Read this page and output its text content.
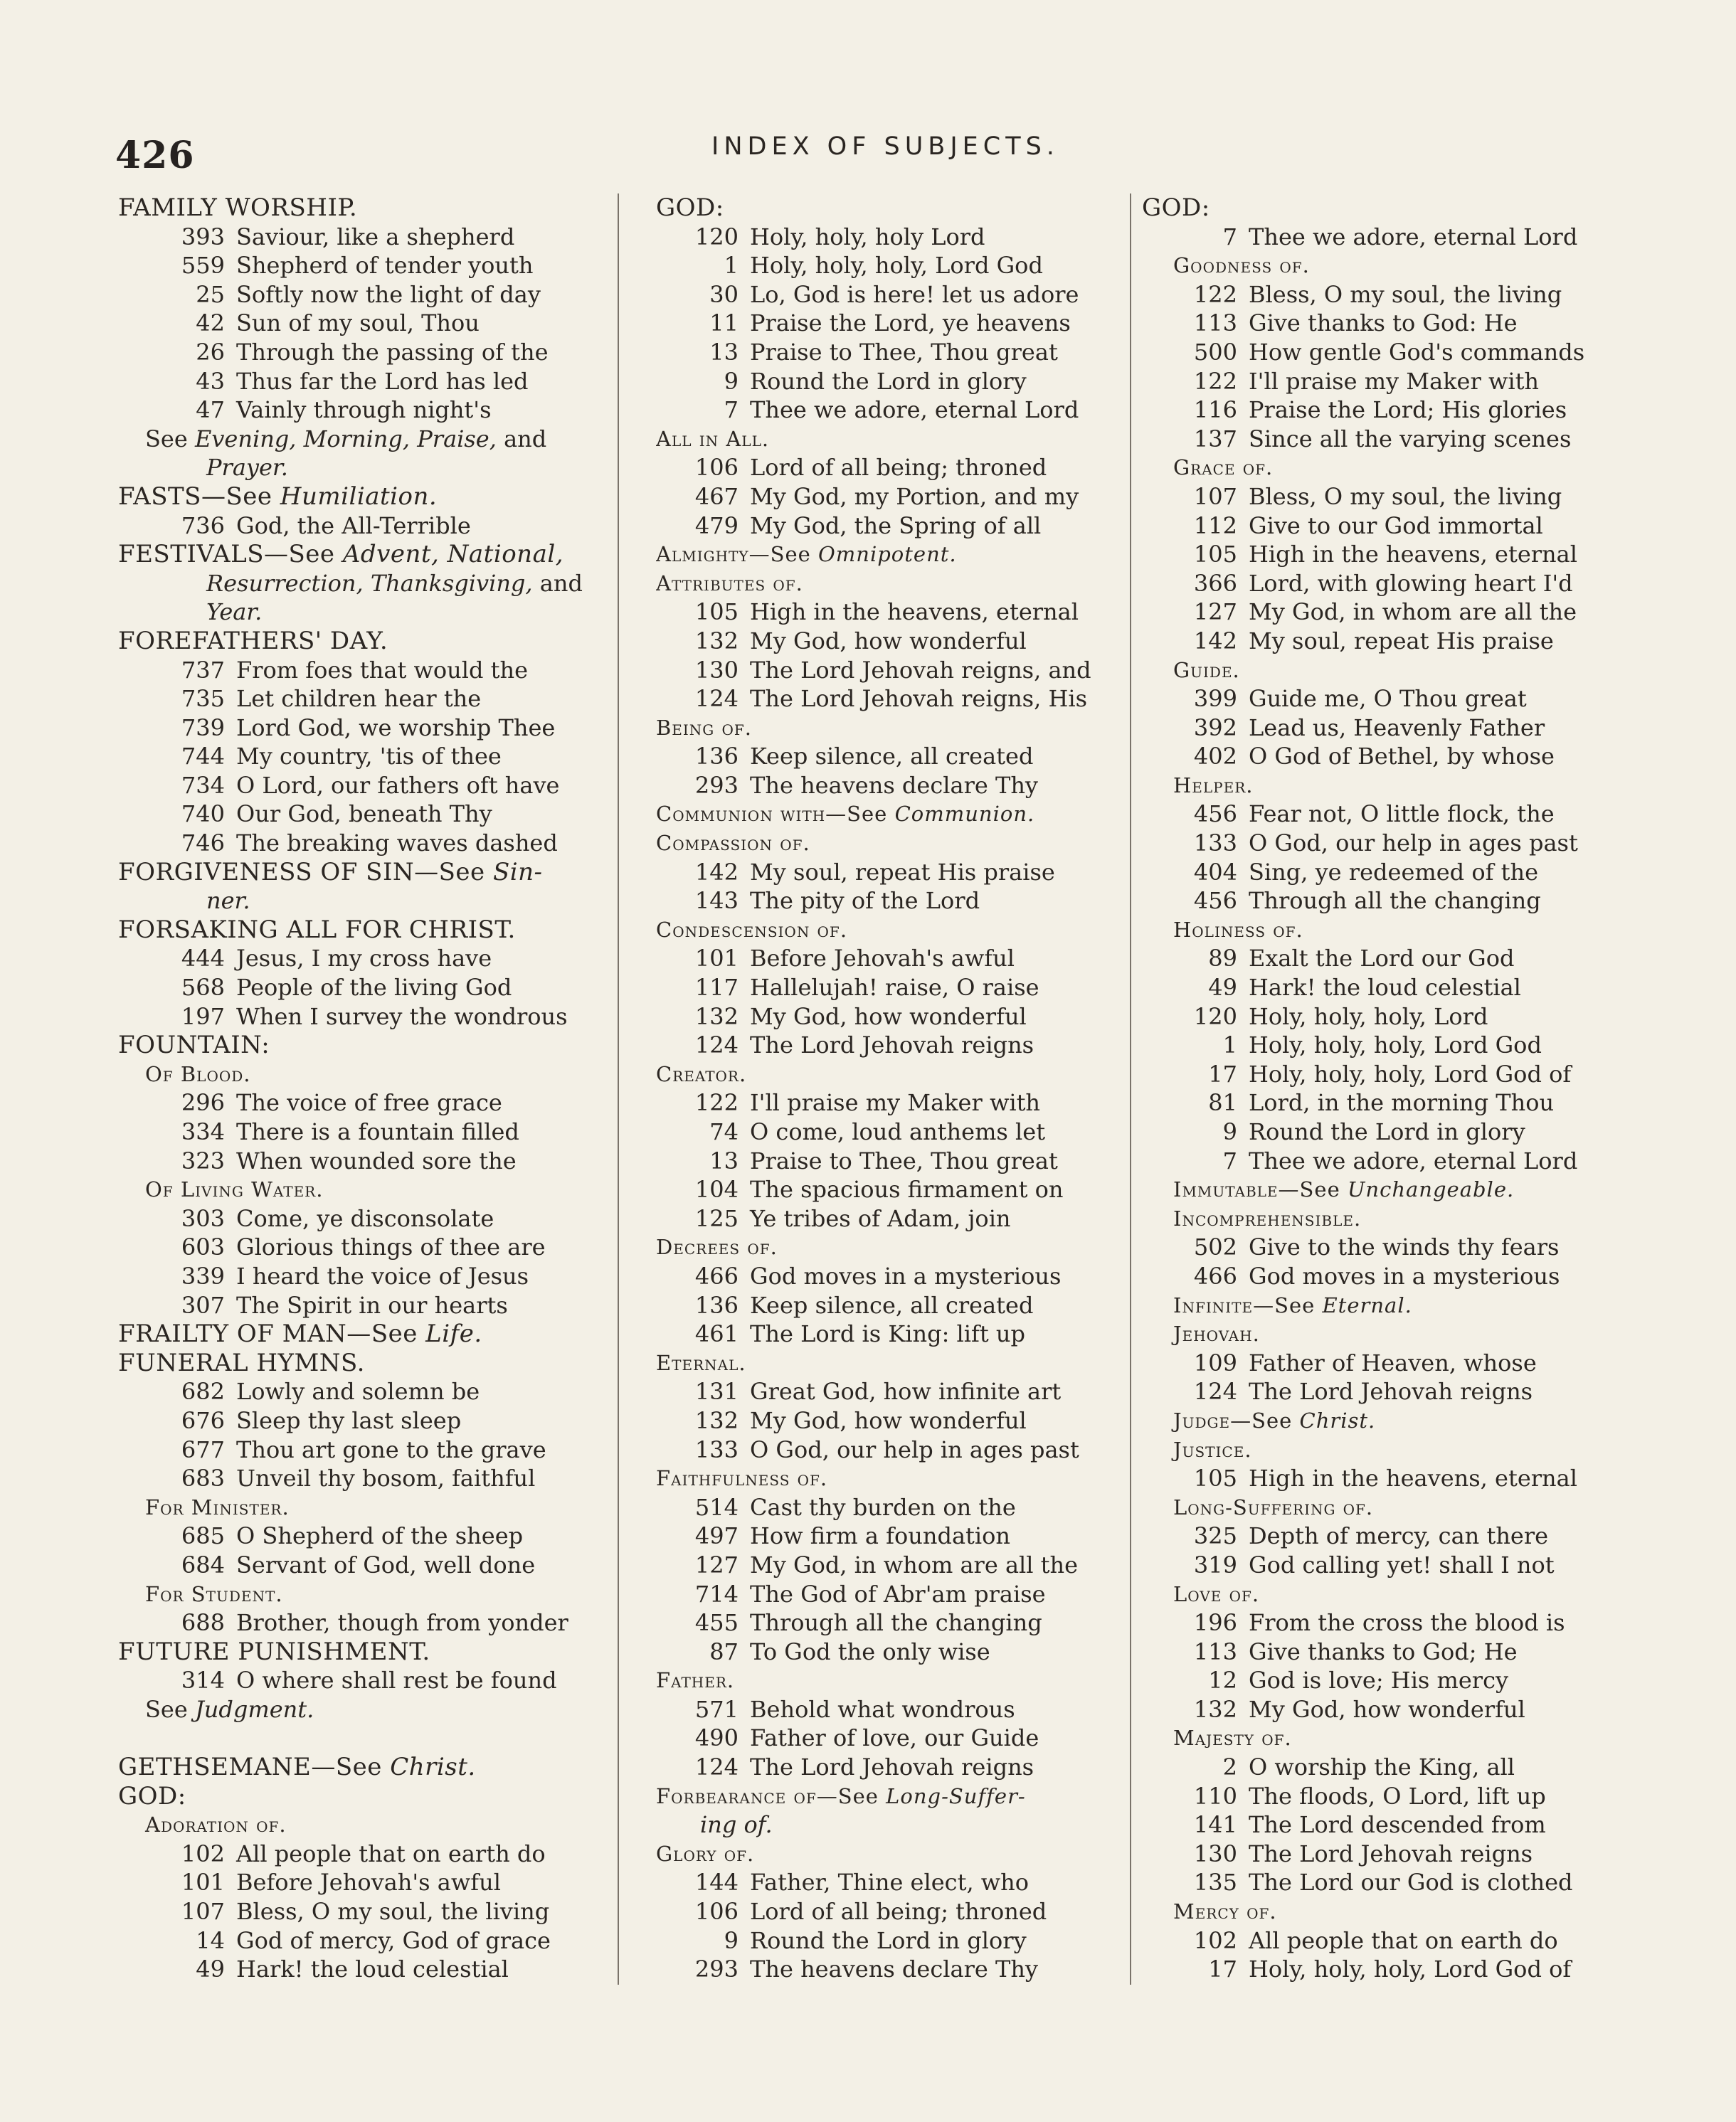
426	INDEX OF SUBJECTS.
FAMILY WORSHIP.
393 Saviour, like a shepherd
559 Shepherd of tender youth
25 Softly now the light of day
42 Sun of my soul, Thou
26 Through the passing of the
43 Thus far the Lord has led
47 Vainly through night's
See Evening, Morning, Praise, and
Prayer.
FASTS—See Humiliation.
736 God, the All-Terrible
FESTIVALS—See Advent, National,
Resurrection, Thanksgiving, and
Year.
FOREFATHERS' DAY.
737 From foes that would the
735 Let children hear the
739 Lord God, we worship Thee
744 My country, 'tis of thee
734 O Lord, our fathers oft have
740 Our God, beneath Thy
746 The breaking waves dashed
FORGIVENESS OF SIN—See Sin-
ner.
FORSAKING ALL FOR CHRIST.
444 Jesus, I my cross have
568 People of the living God
197 When I survey the wondrous
FOUNTAIN:
Of Blood.
296 The voice of free grace
334 There is a fountain filled
323 When wounded sore the
Of Living Water.
303 Come, ye disconsolate
603 Glorious things of thee are
339 I heard the voice of Jesus
307 The Spirit in our hearts
FRAILTY OF MAN—See Life.
FUNERAL HYMNS.
682 Lowly and solemn be
676 Sleep thy last sleep
677 Thou art gone to the grave
683 Unveil thy bosom, faithful
For Minister.
685 O Shepherd of the sheep
684 Servant of God, well done
For Student.
688 Brother, though from yonder
FUTURE PUNISHMENT.
314 O where shall rest be found
See Judgment.
GETHSEMANE—See Christ.
GOD:
Adoration of.
102 All people that on earth do
101 Before Jehovah's awful
107 Bless, O my soul, the living
14 God of mercy, God of grace
49 Hark! the loud celestial
GOD:
120 Holy, holy, holy Lord
1 Holy, holy, holy, Lord God
30 Lo, God is here! let us adore
11 Praise the Lord, ye heavens
13 Praise to Thee, Thou great
9 Round the Lord in glory
7 Thee we adore, eternal Lord
All in All.
106 Lord of all being; throned
467 My God, my Portion, and my
479 My God, the Spring of all
Almighty—See Omnipotent.
Attributes of.
105 High in the heavens, eternal
132 My God, how wonderful
130 The Lord Jehovah reigns, and
124 The Lord Jehovah reigns, His
Being of.
136 Keep silence, all created
293 The heavens declare Thy
Communion with—See Communion.
Compassion of.
142 My soul, repeat His praise
143 The pity of the Lord
Condescension of.
101 Before Jehovah's awful
117 Hallelujah! raise, O raise
132 My God, how wonderful
124 The Lord Jehovah reigns
Creator.
122 I'll praise my Maker with
74 O come, loud anthems let
13 Praise to Thee, Thou great
104 The spacious firmament on
125 Ye tribes of Adam, join
Decrees of.
466 God moves in a mysterious
136 Keep silence, all created
461 The Lord is King: lift up
Eternal.
131 Great God, how infinite art
132 My God, how wonderful
133 O God, our help in ages past
Faithfulness of.
514 Cast thy burden on the
497 How firm a foundation
127 My God, in whom are all the
714 The God of Abr'am praise
455 Through all the changing
87 To God the only wise
Father.
571 Behold what wondrous
490 Father of love, our Guide
124 The Lord Jehovah reigns
Forbearance of—See Long-Suffer-
ing of.
Glory of.
144 Father, Thine elect, who
106 Lord of all being; throned
9 Round the Lord in glory
293 The heavens declare Thy
GOD:
7 Thee we adore, eternal Lord
Goodness of.
122 Bless, O my soul, the living
113 Give thanks to God: He
500 How gentle God's commands
122 I'll praise my Maker with
116 Praise the Lord; His glories
137 Since all the varying scenes
Grace of.
107 Bless, O my soul, the living
112 Give to our God immortal
105 High in the heavens, eternal
366 Lord, with glowing heart I'd
127 My God, in whom are all the
142 My soul, repeat His praise
Guide.
399 Guide me, O Thou great
392 Lead us, Heavenly Father
402 O God of Bethel, by whose
Helper.
456 Fear not, O little flock, the
133 O God, our help in ages past
404 Sing, ye redeemed of the
456 Through all the changing
Holiness of.
89 Exalt the Lord our God
49 Hark! the loud celestial
120 Holy, holy, holy, Lord
1 Holy, holy, holy, Lord God
17 Holy, holy, holy, Lord God of
81 Lord, in the morning Thou
9 Round the Lord in glory
7 Thee we adore, eternal Lord
Immutable—See Unchangeable.
Incomprehensible.
502 Give to the winds thy fears
466 God moves in a mysterious
Infinite—See Eternal.
Jehovah.
109 Father of Heaven, whose
124 The Lord Jehovah reigns
Judge—See Christ.
Justice.
105 High in the heavens, eternal
Long-Suffering of.
325 Depth of mercy, can there
319 God calling yet! shall I not
Love of.
196 From the cross the blood is
113 Give thanks to God; He
12 God is love; His mercy
132 My God, how wonderful
Majesty of.
2 O worship the King, all
110 The floods, O Lord, lift up
141 The Lord descended from
130 The Lord Jehovah reigns
135 The Lord our God is clothed
Mercy of.
102 All people that on earth do
17 Holy, holy, holy, Lord God of
